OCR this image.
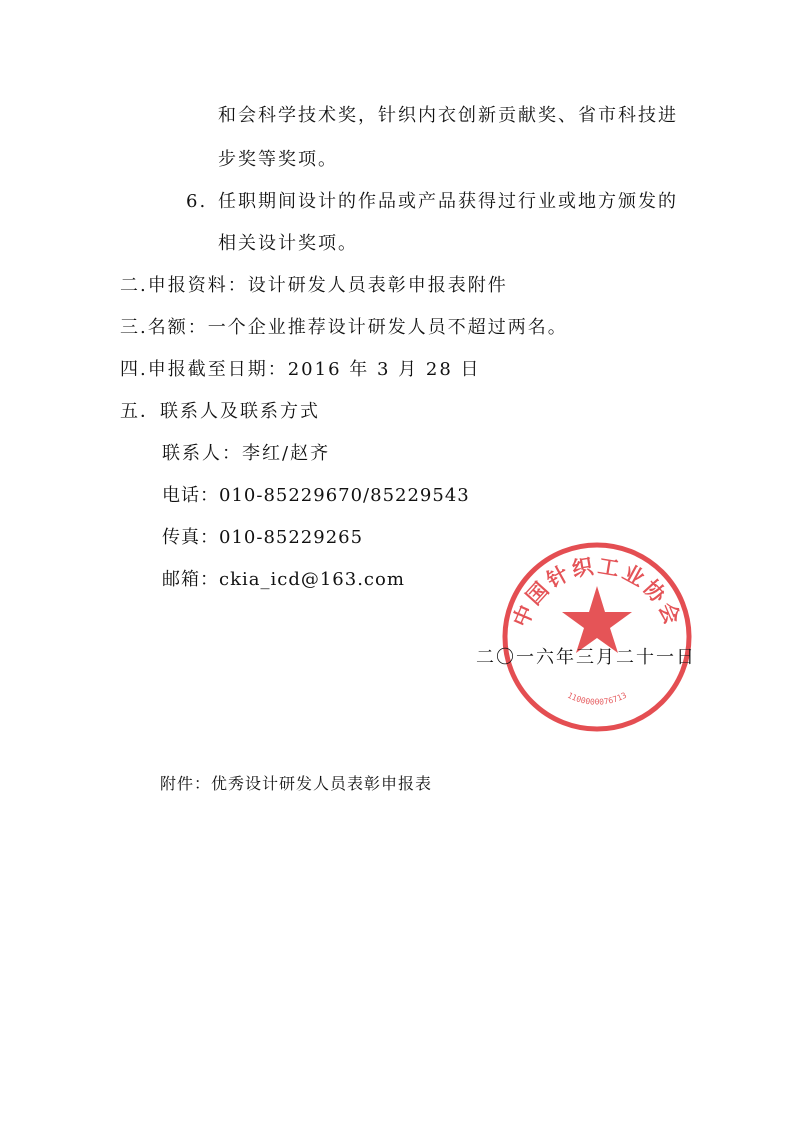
和会科学技术奖，针织内衣创新贡献奖、省市科技进
步奖等奖项。
6. 任职期间设计的作品或产品获得过行业或地方颁发的
相关设计奖项。
二.申报资料：设计研发人员表彰申报表附件
三.名额：一个企业推荐设计研发人员不超过两名。
四.申报截至日期：2016 年 3 月 28 日
五．联系人及联系方式
联系人：李红/赵齐
电话：010-85229670/85229543
传真：010-85229265
邮箱：ckia_icd@163.com
中国针织工业协会
1100000076713
二〇一六年三月二十一日
附件：优秀设计研发人员表彰申报表
